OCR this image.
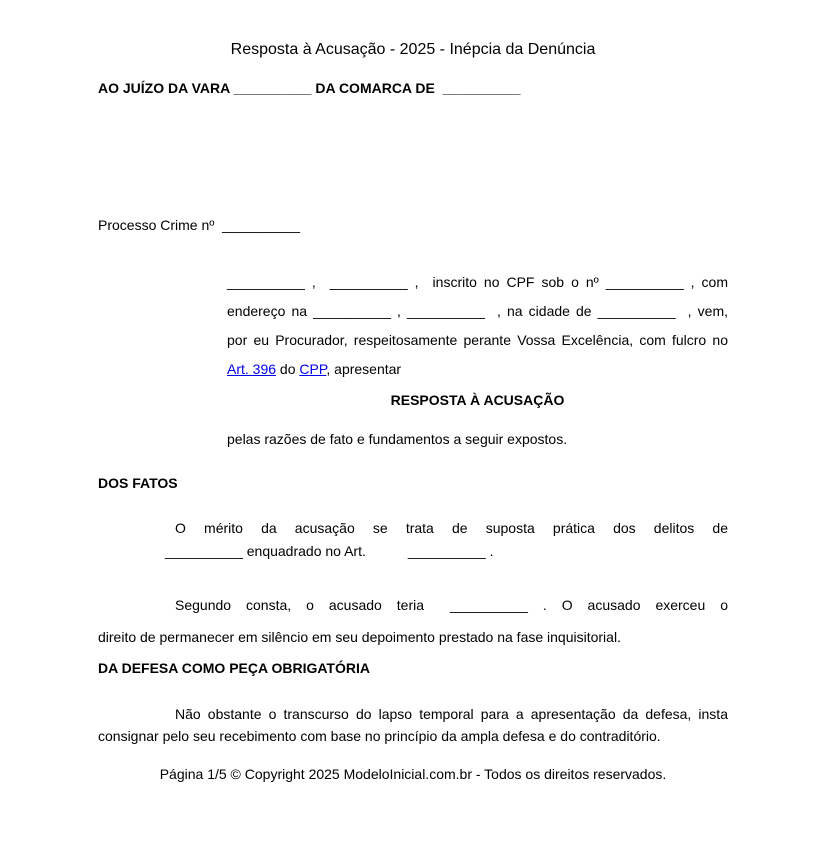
Resposta à Acusação - 2025 - Inépcia da Denúncia
AO JUÍZO DA VARA __________ DA COMARCA DE  __________
Processo Crime nº  __________
__________ ,  __________ ,  inscrito no CPF sob o nº __________ , com
endereço na __________ , __________  , na cidade de __________  , vem,
por eu Procurador, respeitosamente perante Vossa Excelência, com fulcro no
Art. 396 do CPP, apresentar
RESPOSTA À ACUSAÇÃO
pelas razões de fato e fundamentos a seguir expostos.
DOS FATOS
O mérito da acusação se trata de suposta prática dos delitos de
__________ enquadrado no Art.	__________ .
Segundo consta, o acusado teria __________ . O acusado exerceu o
direito de permanecer em silêncio em seu depoimento prestado na fase inquisitorial.
DA DEFESA COMO PEÇA OBRIGATÓRIA
Não obstante o transcurso do lapso temporal para a apresentação da defesa, insta
consignar pelo seu recebimento com base no princípio da ampla defesa e do contraditório.
Página 1/5 © Copyright 2025 ModeloInicial.com.br - Todos os direitos reservados.
